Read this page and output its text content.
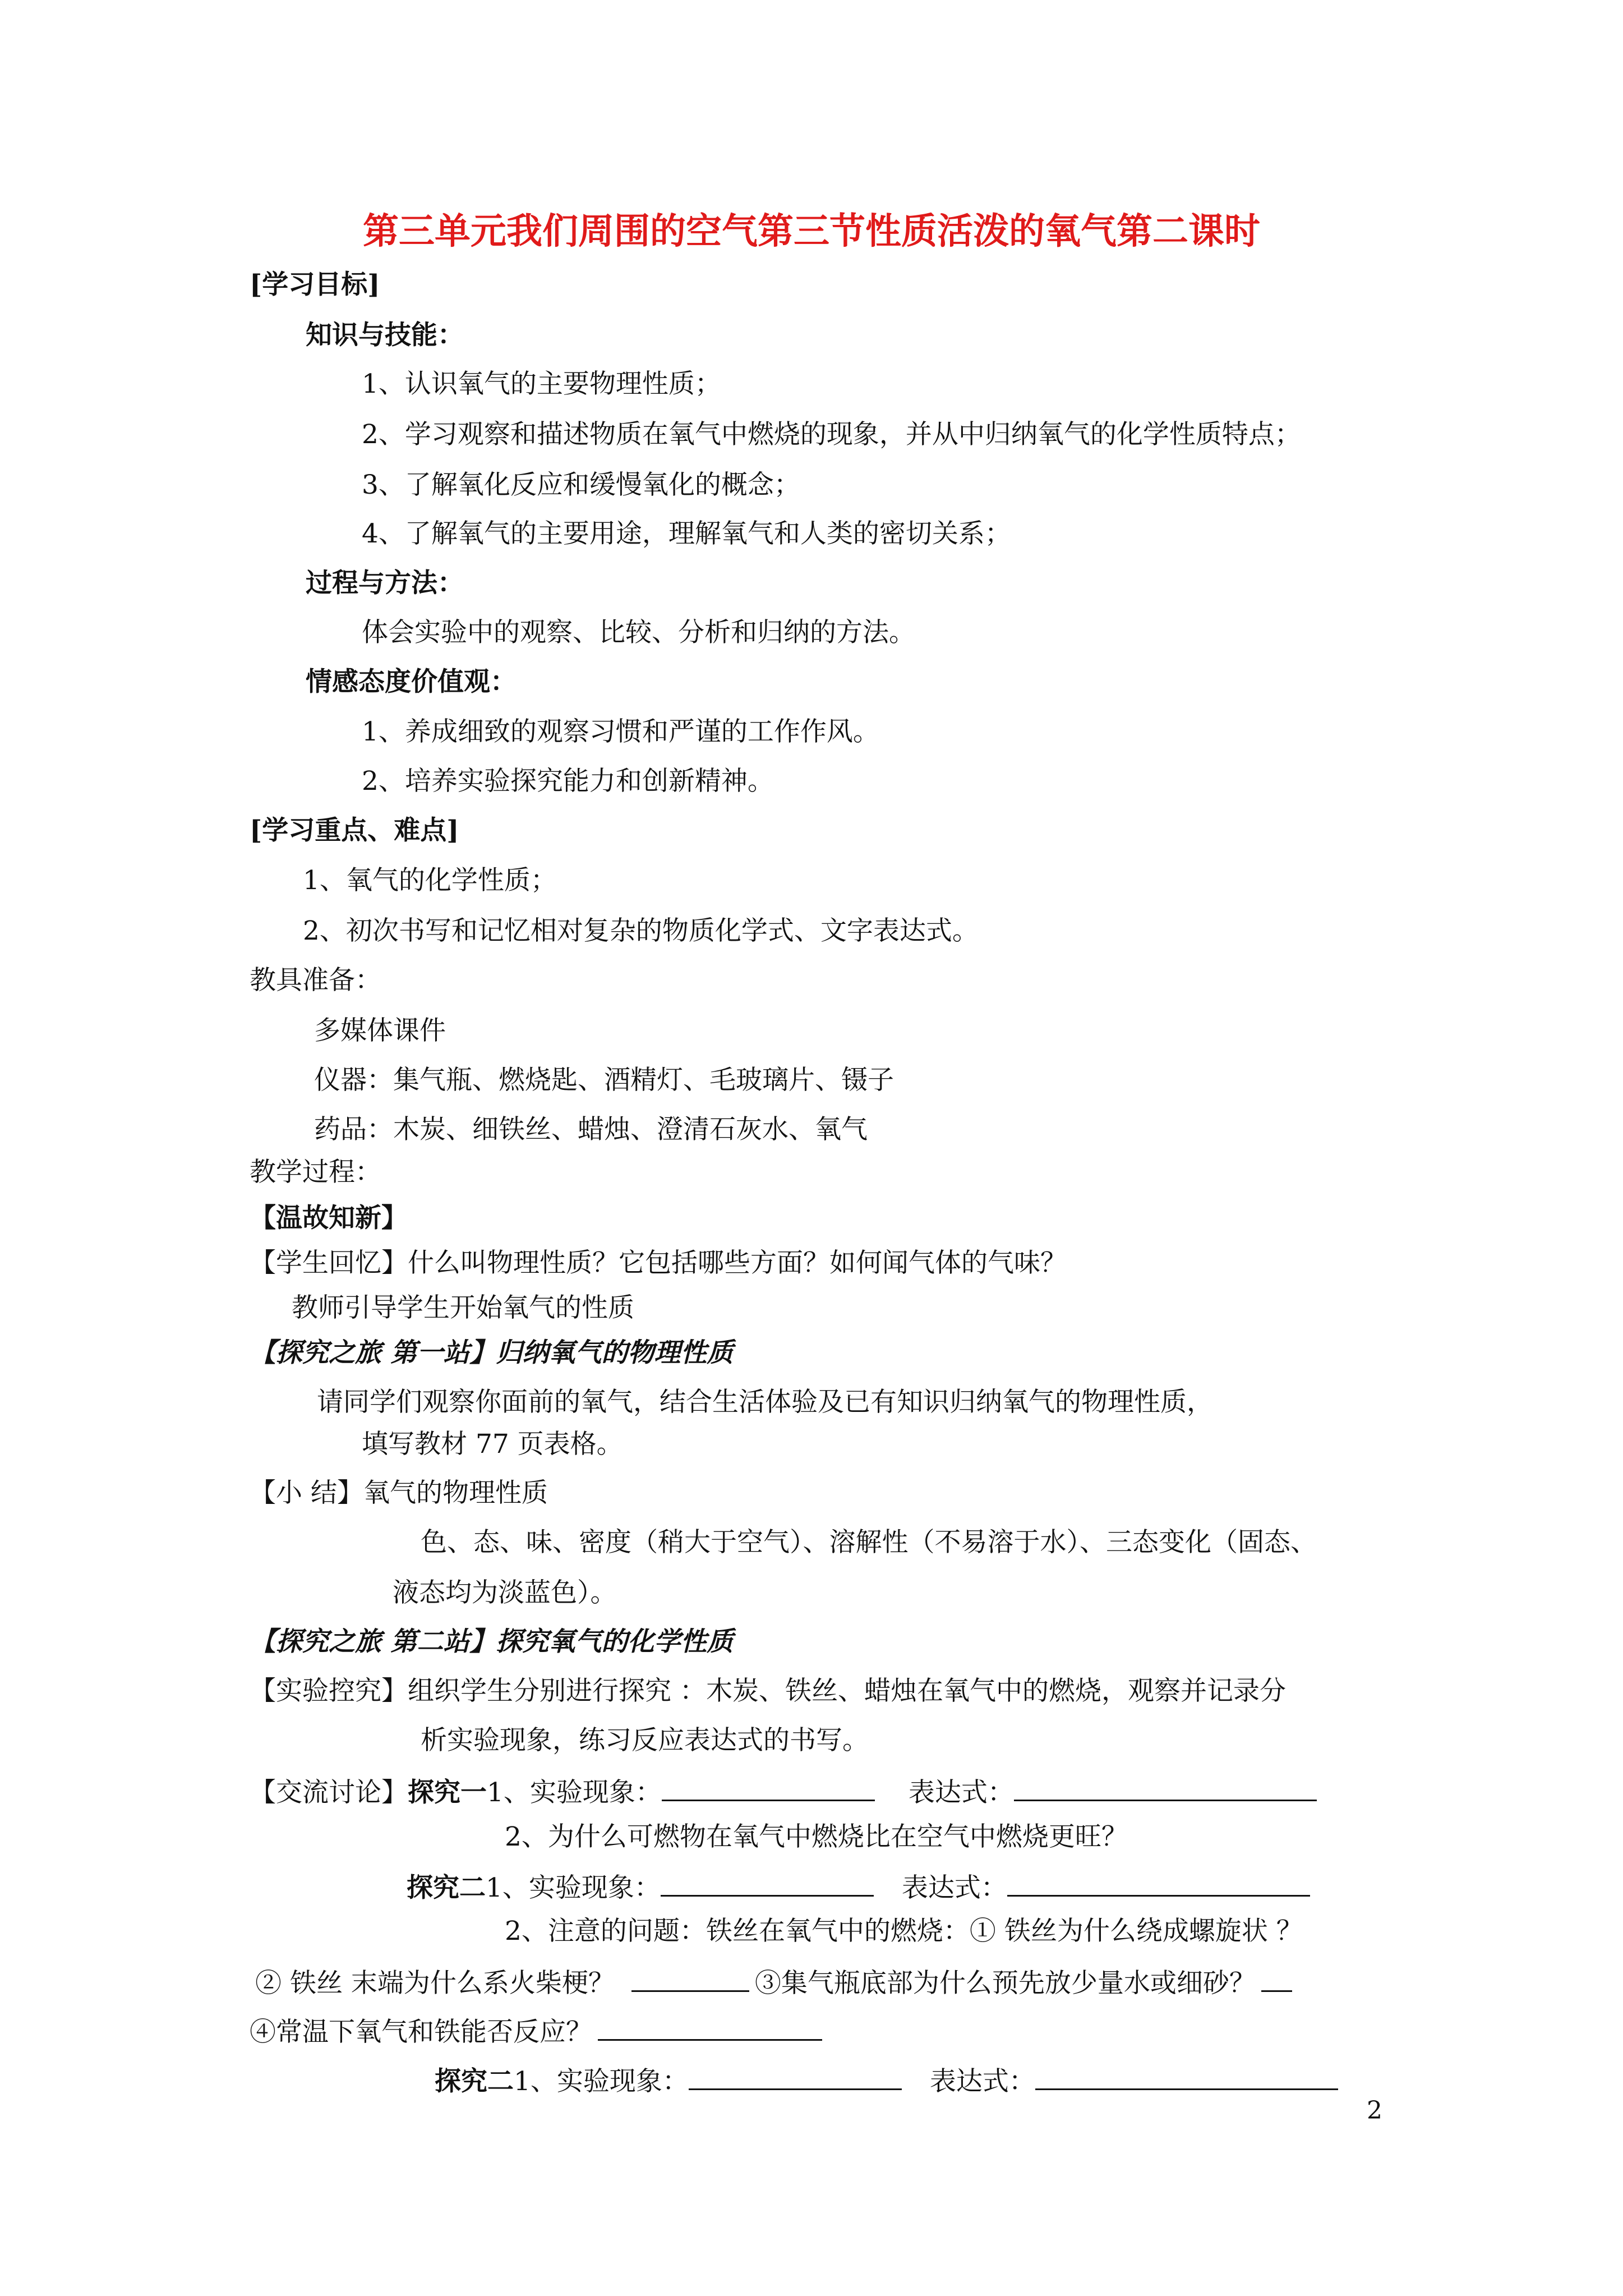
第三单元我们周围的空气第三节性质活泼的氧气第二课时
[学习目标]
知识与技能：
1、认识氧气的主要物理性质；
2、学习观察和描述物质在氧气中燃烧的现象，并从中归纳氧气的化学性质特点；
3、了解氧化反应和缓慢氧化的概念；
4、了解氧气的主要用途，理解氧气和人类的密切关系；
过程与方法：
体会实验中的观察、比较、分析和归纳的方法。
情感态度价值观：
1、养成细致的观察习惯和严谨的工作作风。
2、培养实验探究能力和创新精神。
[学习重点、难点]
1、氧气的化学性质；
2、初次书写和记忆相对复杂的物质化学式、文字表达式。
教具准备：
多媒体课件
仪器：集气瓶、燃烧匙、酒精灯、毛玻璃片、镊子
药品：木炭、细铁丝、蜡烛、澄清石灰水、氧气
教学过程：
【温故知新】
【学生回忆】什么叫物理性质？它包括哪些方面？如何闻气体的气味？
教师引导学生开始氧气的性质
【探究之旅 第一站】归纳氧气的物理性质
请同学们观察你面前的氧气，结合生活体验及已有知识归纳氧气的物理性质，
填写教材 77 页表格。
【小 结】氧气的物理性质
色、态、味、密度（稍大于空气）、溶解性（不易溶于水）、三态变化（固态、
液态均为淡蓝色）。
【探究之旅 第二站】探究氧气的化学性质
【实验控究】组织学生分别进行探究 ：木炭、铁丝、蜡烛在氧气中的燃烧，观察并记录分
析实验现象，练习反应表达式的书写。
【交流讨论】探究一1、实验现象：	表达式：
2、为什么可燃物在氧气中燃烧比在空气中燃烧更旺？
探究二1、实验现象：	表达式：
2、注意的问题：铁丝在氧气中的燃烧：① 铁丝为什么绕成螺旋状 ？
② 铁丝 末端为什么系火柴梗？	③集气瓶底部为什么预先放少量水或细砂？
④常温下氧气和铁能否反应？
探究二1、实验现象：	表达式：
2
